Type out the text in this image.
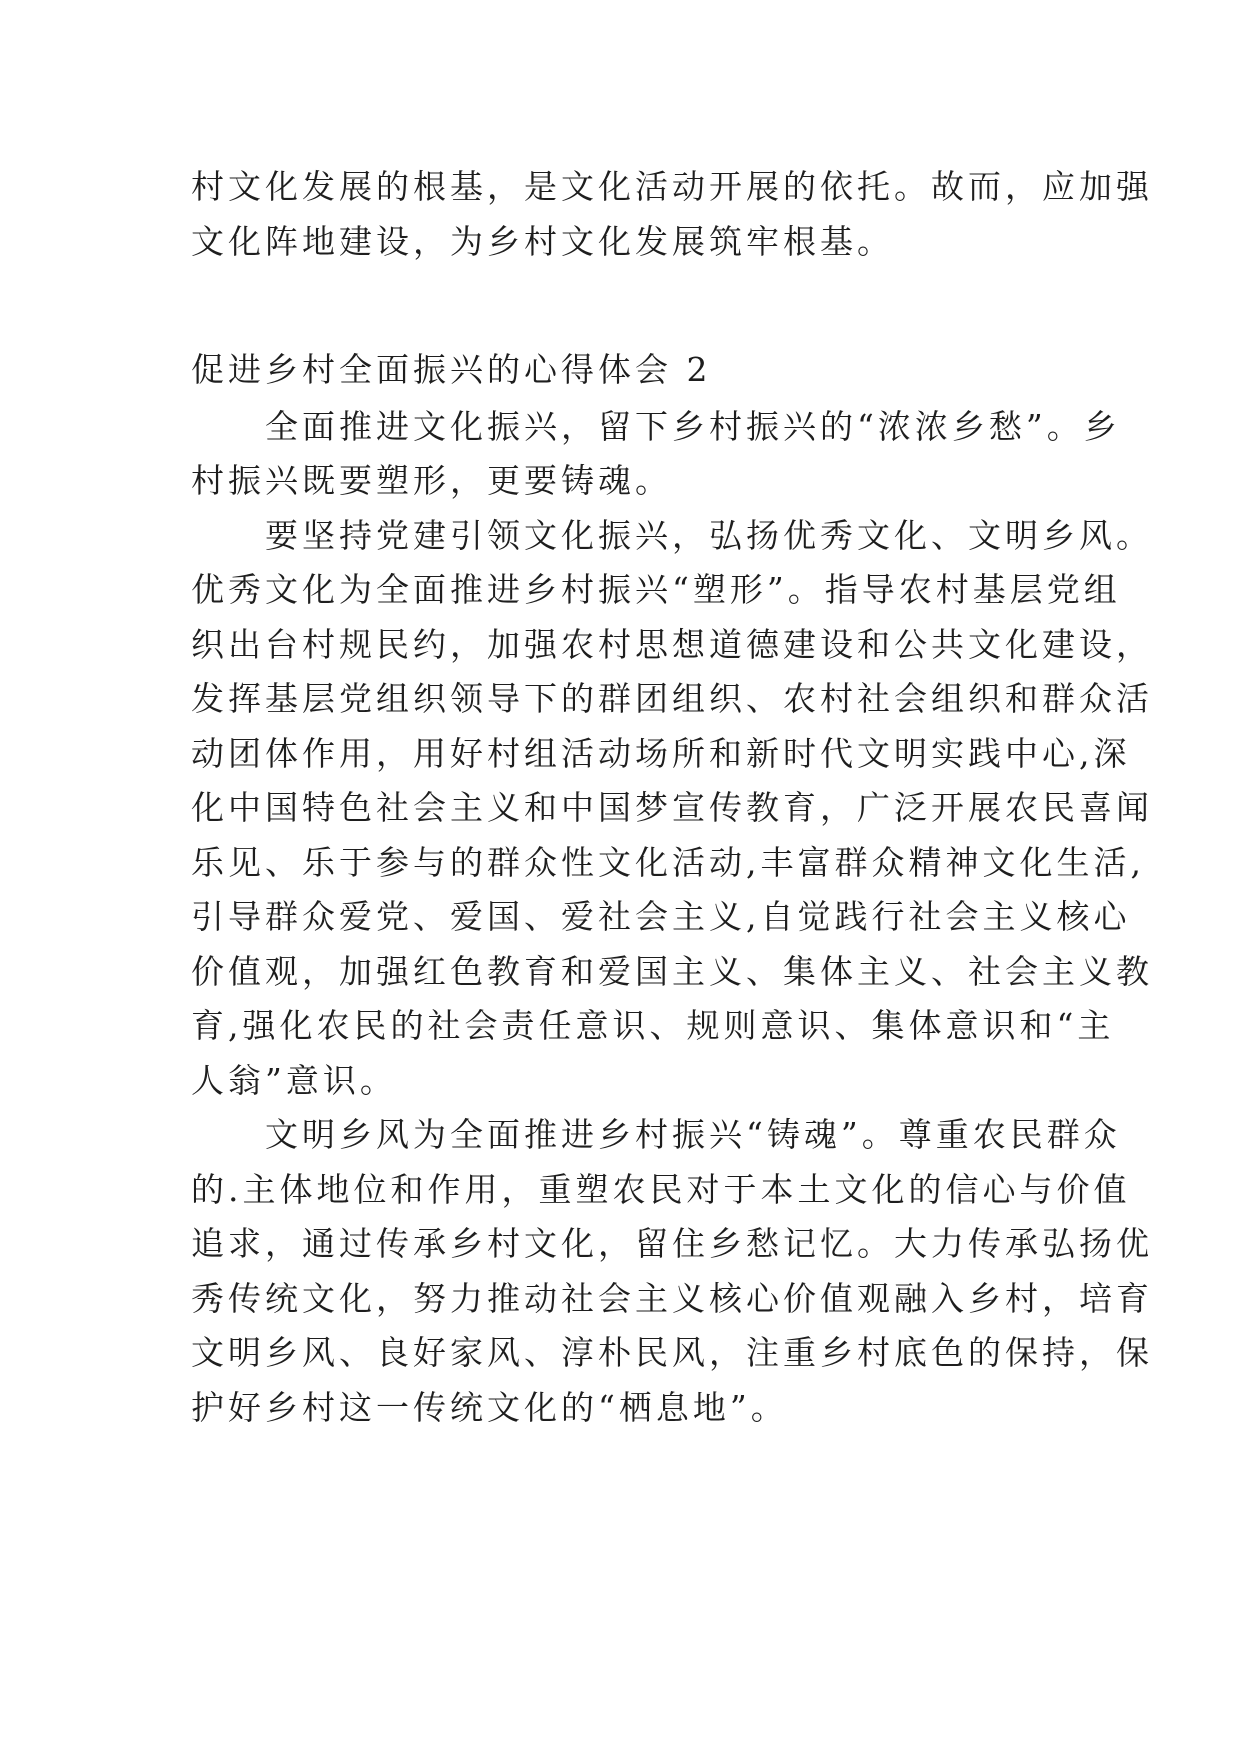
村文化发展的根基，是文化活动开展的依托。故而，应加强
文化阵地建设，为乡村文化发展筑牢根基。
促进乡村全面振兴的心得体会 2
　　全面推进文化振兴，留下乡村振兴的“浓浓乡愁”。乡
村振兴既要塑形，更要铸魂。
　　要坚持党建引领文化振兴，弘扬优秀文化、文明乡风。
优秀文化为全面推进乡村振兴“塑形”。指导农村基层党组
织出台村规民约，加强农村思想道德建设和公共文化建设，
发挥基层党组织领导下的群团组织、农村社会组织和群众活
动团体作用，用好村组活动场所和新时代文明实践中心,深
化中国特色社会主义和中国梦宣传教育，广泛开展农民喜闻
乐见、乐于参与的群众性文化活动,丰富群众精神文化生活,
引导群众爱党、爱国、爱社会主义,自觉践行社会主义核心
价值观，加强红色教育和爱国主义、集体主义、社会主义教
育,强化农民的社会责任意识、规则意识、集体意识和“主
人翁”意识。
　　文明乡风为全面推进乡村振兴“铸魂”。尊重农民群众
的.主体地位和作用，重塑农民对于本土文化的信心与价值
追求，通过传承乡村文化，留住乡愁记忆。大力传承弘扬优
秀传统文化，努力推动社会主义核心价值观融入乡村，培育
文明乡风、良好家风、淳朴民风，注重乡村底色的保持，保
护好乡村这一传统文化的“栖息地”。
